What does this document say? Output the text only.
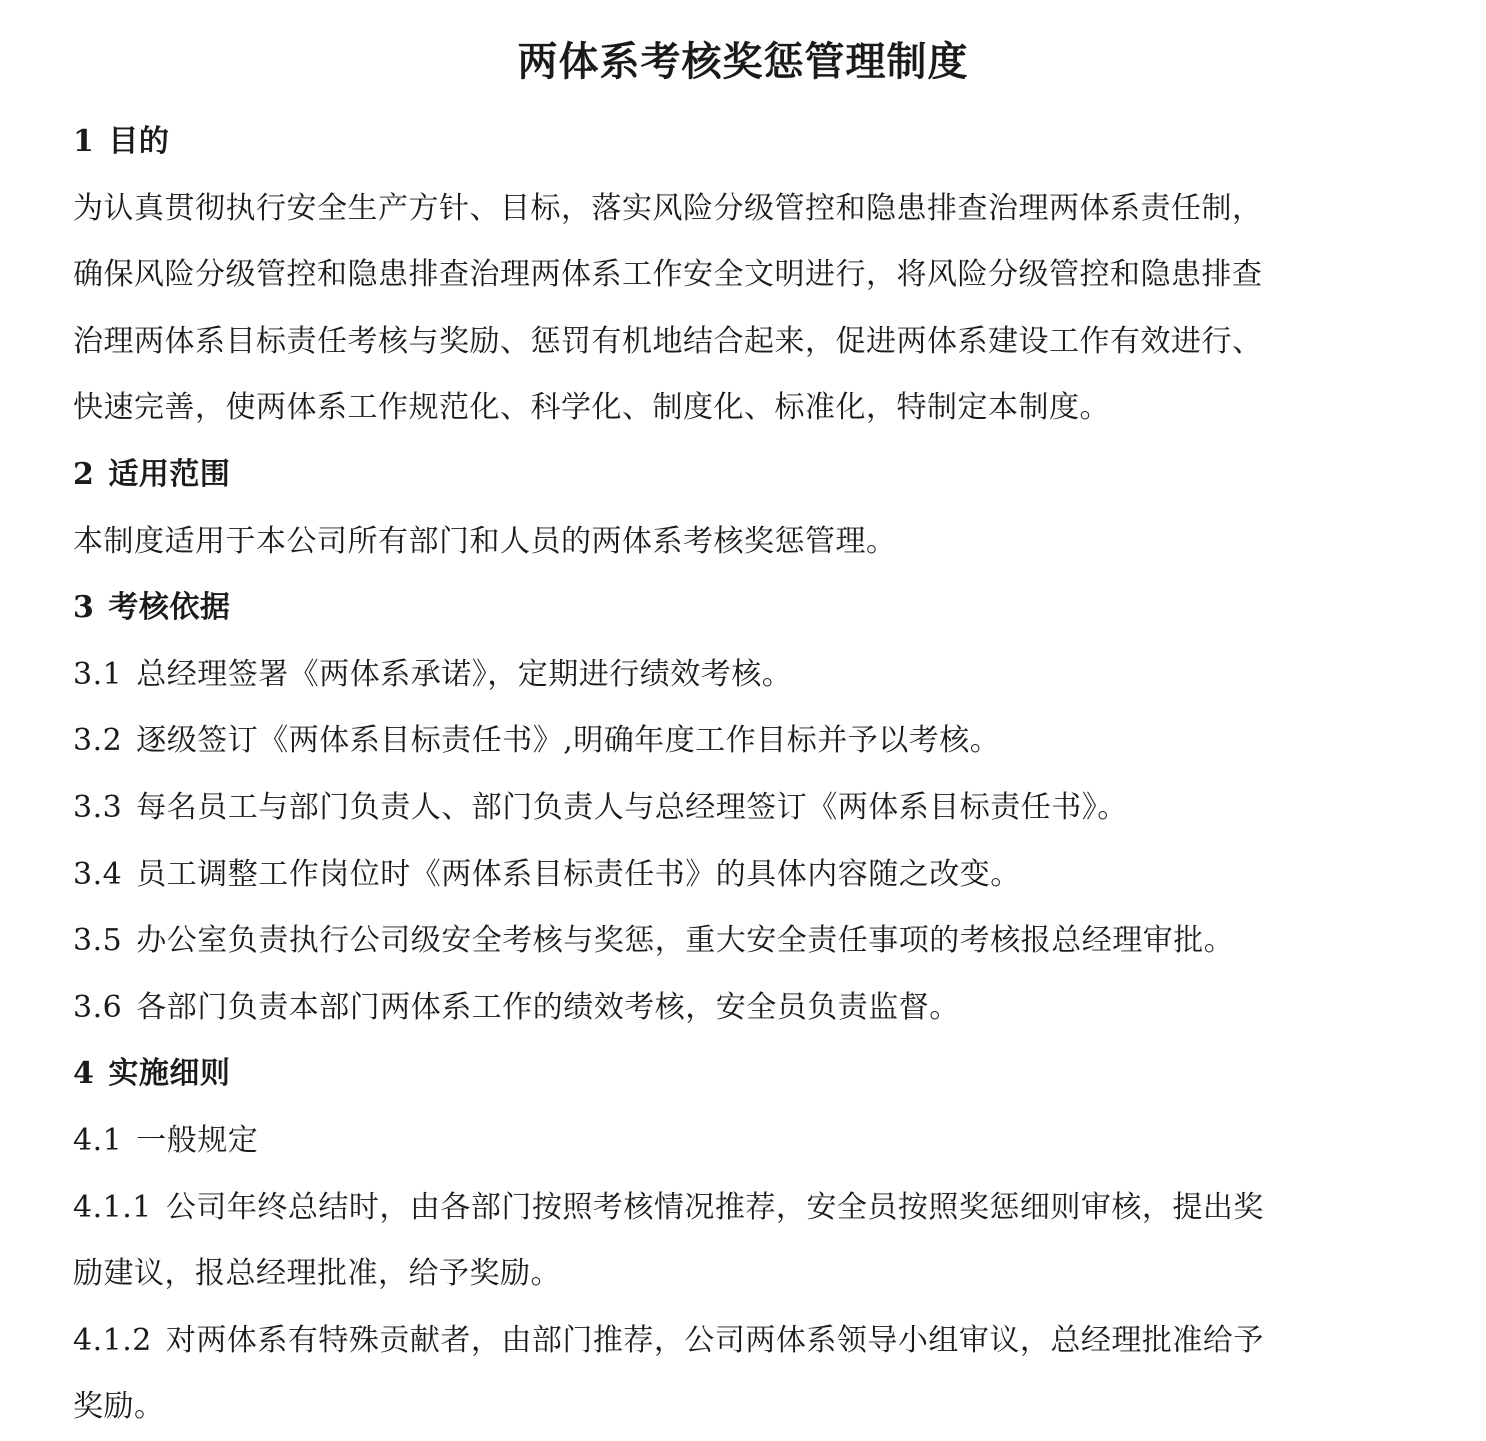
两体系考核奖惩管理制度
1 目的
为认真贯彻执行安全生产方针、目标，落实风险分级管控和隐患排查治理两体系责任制，
确保风险分级管控和隐患排查治理两体系工作安全文明进行，将风险分级管控和隐患排查
治理两体系目标责任考核与奖励、惩罚有机地结合起来，促进两体系建设工作有效进行、
快速完善，使两体系工作规范化、科学化、制度化、标准化，特制定本制度。
2 适用范围
本制度适用于本公司所有部门和人员的两体系考核奖惩管理。
3 考核依据
3.1 总经理签署《两体系承诺》，定期进行绩效考核。
3.2 逐级签订《两体系目标责任书》,明确年度工作目标并予以考核。
3.3 每名员工与部门负责人、部门负责人与总经理签订《两体系目标责任书》。
3.4 员工调整工作岗位时《两体系目标责任书》的具体内容随之改变。
3.5 办公室负责执行公司级安全考核与奖惩，重大安全责任事项的考核报总经理审批。
3.6 各部门负责本部门两体系工作的绩效考核，安全员负责监督。
4 实施细则
4.1 一般规定
4.1.1 公司年终总结时，由各部门按照考核情况推荐，安全员按照奖惩细则审核，提出奖
励建议，报总经理批准，给予奖励。
4.1.2 对两体系有特殊贡献者，由部门推荐，公司两体系领导小组审议，总经理批准给予
奖励。
